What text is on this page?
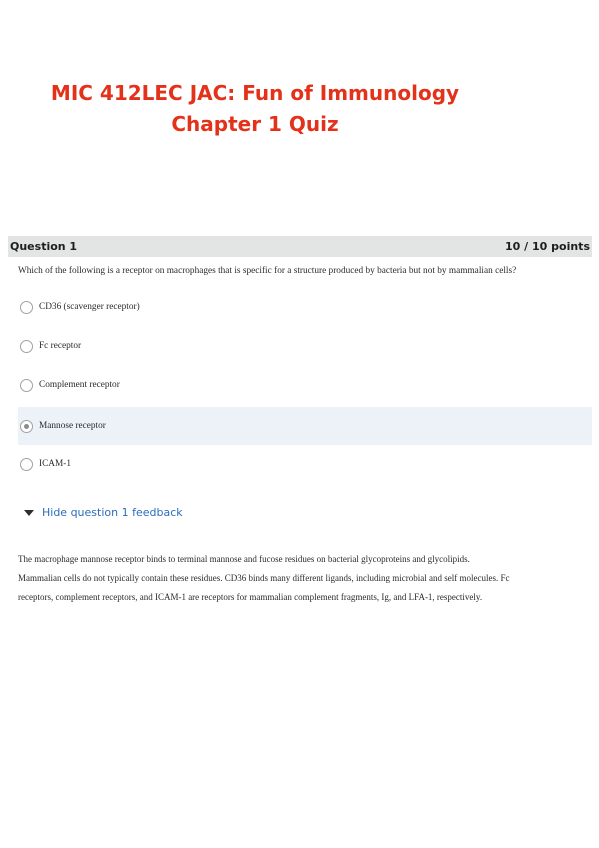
MIC 412LEC JAC: Fun of Immunology
Chapter 1 Quiz
Question 1	10 / 10 points
Which of the following is a receptor on macrophages that is specific for a structure produced by bacteria but not by mammalian cells?
CD36 (scavenger receptor)
Fc receptor
Complement receptor
Mannose receptor
ICAM-1
Hide question 1 feedback
The macrophage mannose receptor binds to terminal mannose and fucose residues on bacterial glycoproteins and glycolipids.
Mammalian cells do not typically contain these residues. CD36 binds many different ligands, including microbial and self molecules. Fc
receptors, complement receptors, and ICAM-1 are receptors for mammalian complement fragments, Ig, and LFA-1, respectively.
